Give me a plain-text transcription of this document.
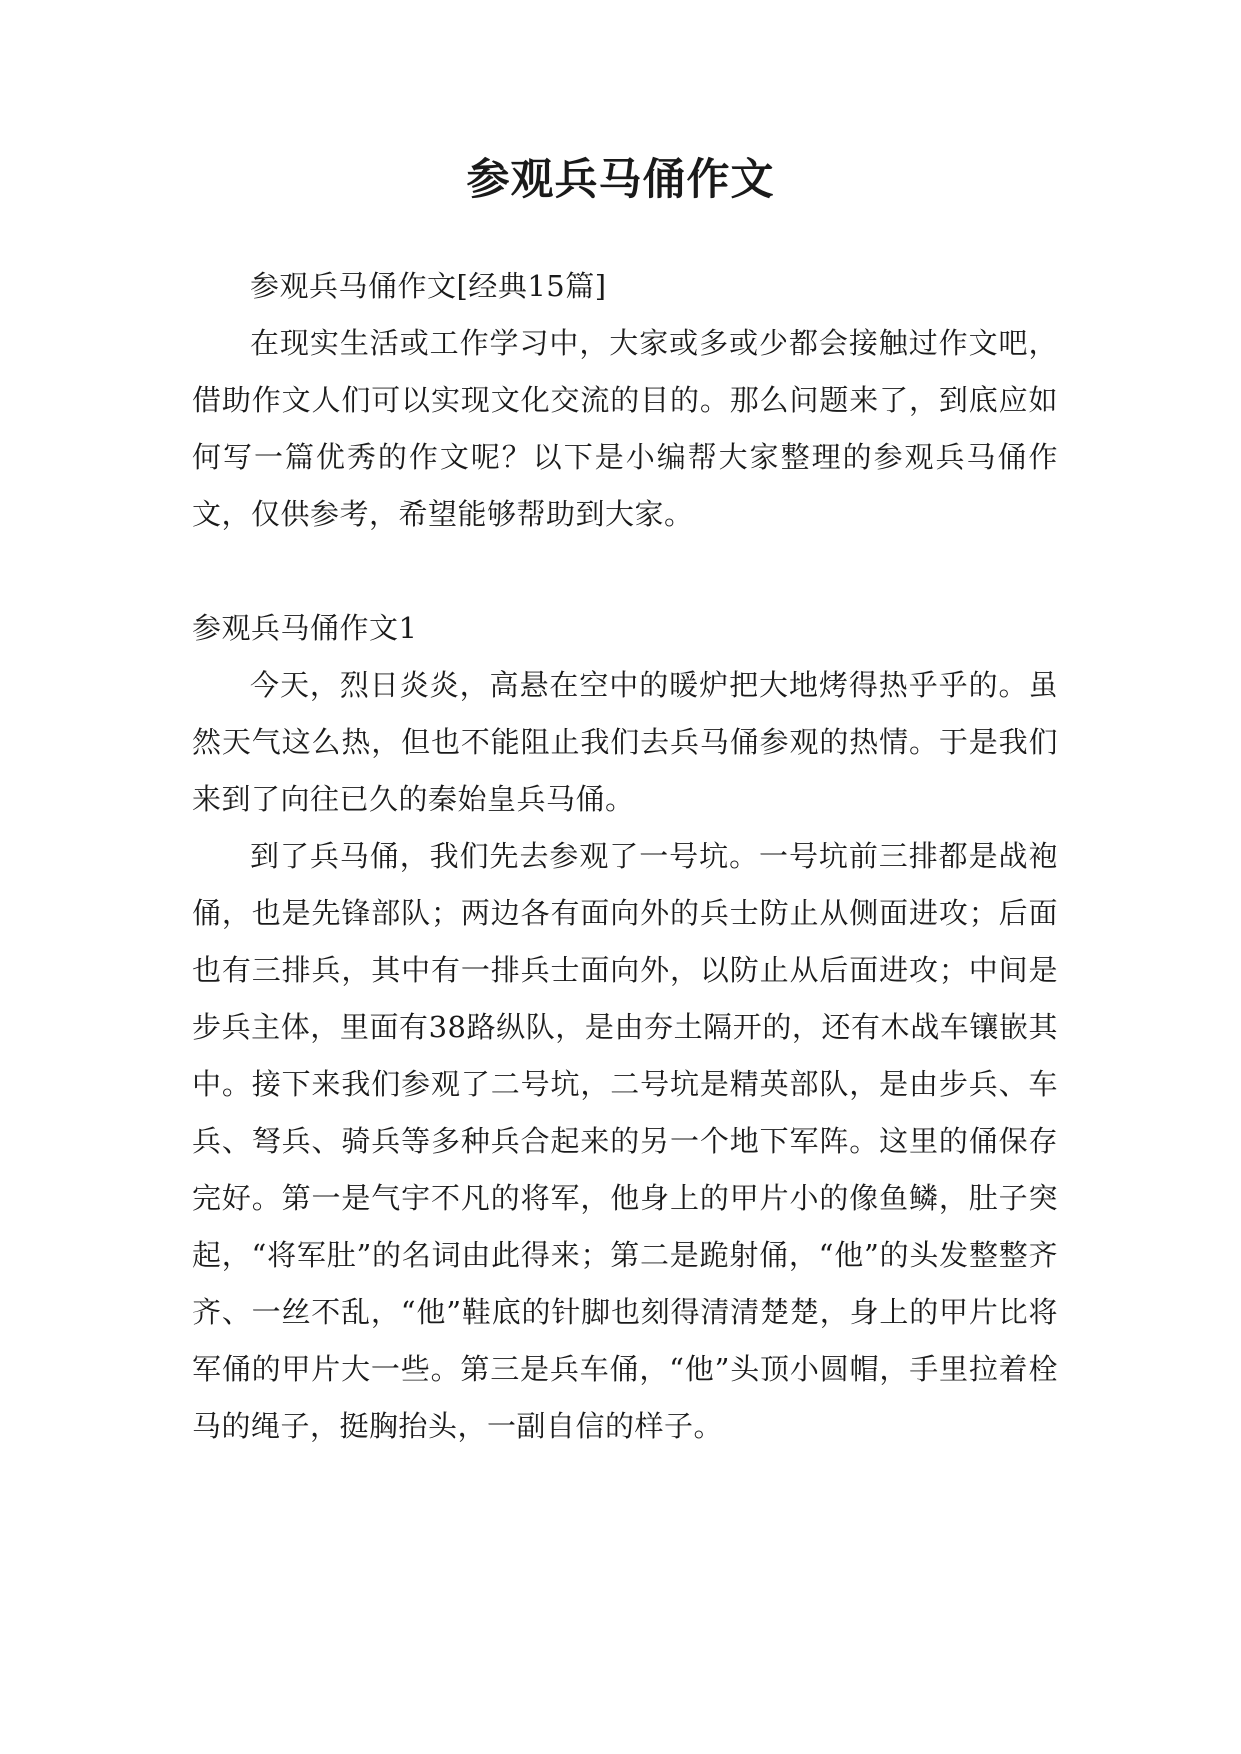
参观兵马俑作文

参观兵马俑作文[经典15篇]

在现实生活或工作学习中，大家或多或少都会接触过作文吧，借助作文人们可以实现文化交流的目的。那么问题来了，到底应如何写一篇优秀的作文呢？以下是小编帮大家整理的参观兵马俑作文，仅供参考，希望能够帮助到大家。

参观兵马俑作文1

今天，烈日炎炎，高悬在空中的暖炉把大地烤得热乎乎的。虽然天气这么热，但也不能阻止我们去兵马俑参观的热情。于是我们来到了向往已久的秦始皇兵马俑。

到了兵马俑，我们先去参观了一号坑。一号坑前三排都是战袍俑，也是先锋部队；两边各有面向外的兵士防止从侧面进攻；后面也有三排兵，其中有一排兵士面向外，以防止从后面进攻；中间是步兵主体，里面有38路纵队，是由夯土隔开的，还有木战车镶嵌其中。接下来我们参观了二号坑，二号坑是精英部队，是由步兵、车兵、弩兵、骑兵等多种兵合起来的另一个地下军阵。这里的俑保存完好。第一是气宇不凡的将军，他身上的甲片小的像鱼鳞，肚子突起，“将军肚”的名词由此得来；第二是跪射俑，“他”的头发整整齐齐、一丝不乱，“他”鞋底的针脚也刻得清清楚楚，身上的甲片比将军俑的甲片大一些。第三是兵车俑，“他”头顶小圆帽，手里拉着栓马的绳子，挺胸抬头，一副自信的样子。
